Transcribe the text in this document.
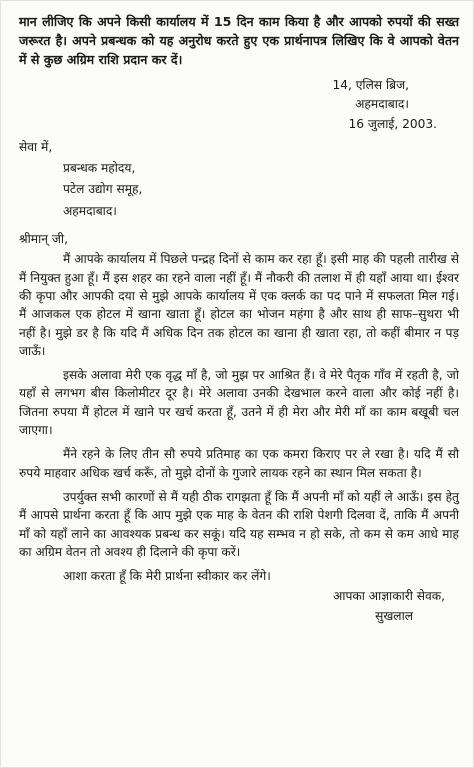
मान लीजिए कि अपने किसी कार्यालय में 15 दिन काम किया है और आपको रुपयों की सख्त जरूरत है। अपने प्रबन्धक को यह अनुरोध करते हुए एक प्रार्थनापत्र लिखिए कि वे आपको वेतन में से कुछ अग्रिम राशि प्रदान कर दें।

14, एलिस ब्रिज,
अहमदाबाद।
16 जुलाई, 2003.
सेवा में,
प्रबन्धक महोदय,
पटेल उद्योग समूह,
अहमदाबाद।
श्रीमान् जी,

मैं आपके कार्यालय में पिछले पन्द्रह दिनों से काम कर रहा हूँ। इसी माह की पहली तारीख से मैं नियुक्त हुआ हूँ। मैं इस शहर का रहने वाला नहीं हूँ। मैं नौकरी की तलाश में ही यहाँ आया था। ईश्वर की कृपा और आपकी दया से मुझे आपके कार्यालय में एक क्लर्क का पद पाने में सफलता मिल गई। मैं आजकल एक होटल में खाना खाता हूँ। होटल का भोजन महंगा है और साथ ही साफ–सुथरा भी नहीं है। मुझे डर है कि यदि मैं अधिक दिन तक होटल का खाना ही खाता रहा, तो कहीं बीमार न पड़ जाऊँ।

इसके अलावा मेरी एक वृद्ध माँ है, जो मुझ पर आश्रित हैं। वे मेरे पैतृक गाँव में रहती है, जो यहाँ से लगभग बीस किलोमीटर दूर है। मेरे अलावा उनकी देखभाल करने वाला और कोई नहीं है। जितना रुपया मैं होटल में खाने पर खर्च करता हूँ, उतने में ही मेरा और मेरी माँ का काम बखूबी चल जाएगा।

मैंने रहने के लिए तीन सौ रुपये प्रतिमाह का एक कमरा किराए पर ले रखा है। यदि मैं सौ रुपये माहवार अधिक खर्च करूँ, तो मुझे दोनों के गुजारे लायक रहने का स्थान मिल सकता है।

उपर्युक्त सभी कारणों से मैं यही ठीक रागझता हूँ कि मैं अपनी माँ को यहीं ले आऊँ। इस हेतु मैं आपसे प्रार्थना करता हूँ कि आप मुझे एक माह के वेतन की राशि पेशगी दिलवा दें, ताकि मैं अपनी माँ को यहाँ लाने का आवश्यक प्रबन्ध कर सकूं। यदि यह सम्भव न हो सके, तो कम से कम आधे माह का अग्रिम वेतन तो अवश्य ही दिलाने की कृपा करें।

आशा करता हूँ कि मेरी प्रार्थना स्वीकार कर लेंगे।
आपका आज्ञाकारी सेवक,
सुखलाल
